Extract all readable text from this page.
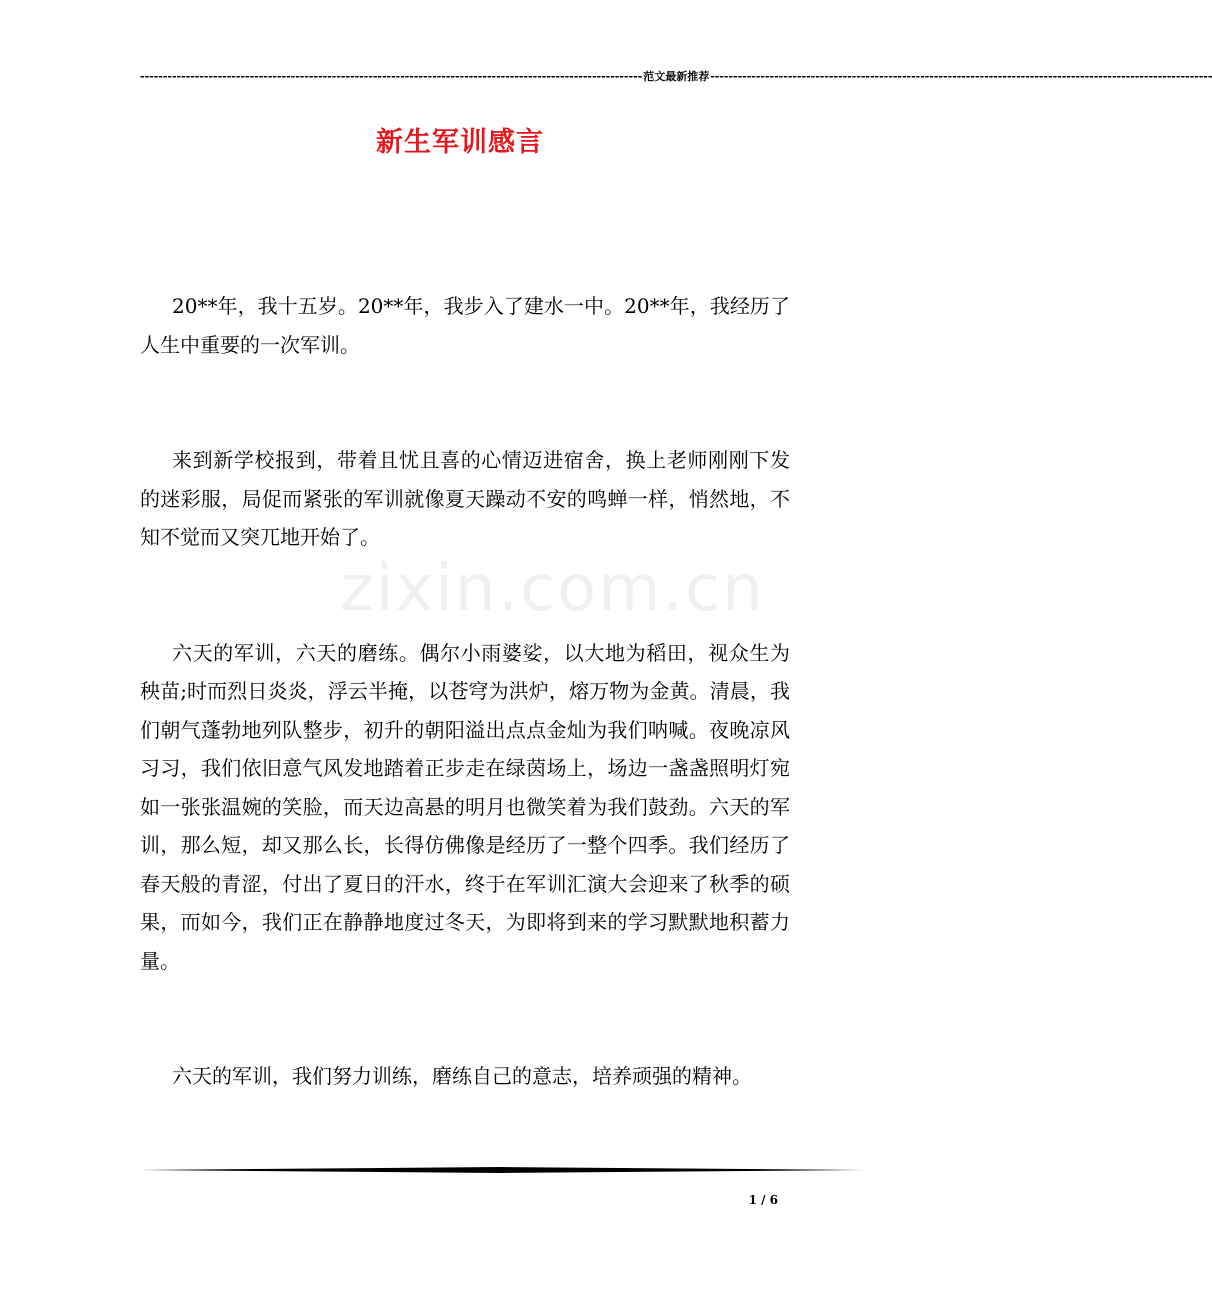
-------------------------------------------------------------------------------------------------------------- 范文最新推荐 --------------------------------------------------------------------------------------------------------------
新生军训感言
zixin.com.cn

20**年，我十五岁。20**年，我步入了建水一中。20**年，我经历了人生中重要的一次军训。

来到新学校报到，带着且忧且喜的心情迈进宿舍，换上老师刚刚下发的迷彩服，局促而紧张的军训就像夏天躁动不安的鸣蝉一样，悄然地，不知不觉而又突兀地开始了。

六天的军训，六天的磨练。偶尔小雨婆娑，以大地为稻田，视众生为秧苗;时而烈日炎炎，浮云半掩，以苍穹为洪炉，熔万物为金黄。清晨，我们朝气蓬勃地列队整步，初升的朝阳溢出点点金灿为我们呐喊。夜晚凉风习习，我们依旧意气风发地踏着正步走在绿茵场上，场边一盏盏照明灯宛如一张张温婉的笑脸，而天边高悬的明月也微笑着为我们鼓劲。六天的军训，那么短，却又那么长，长得仿佛像是经历了一整个四季。我们经历了春天般的青涩，付出了夏日的汗水，终于在军训汇演大会迎来了秋季的硕果，而如今，我们正在静静地度过冬天，为即将到来的学习默默地积蓄力量。

六天的军训，我们努力训练，磨练自己的意志，培养顽强的精神。

1 / 6
